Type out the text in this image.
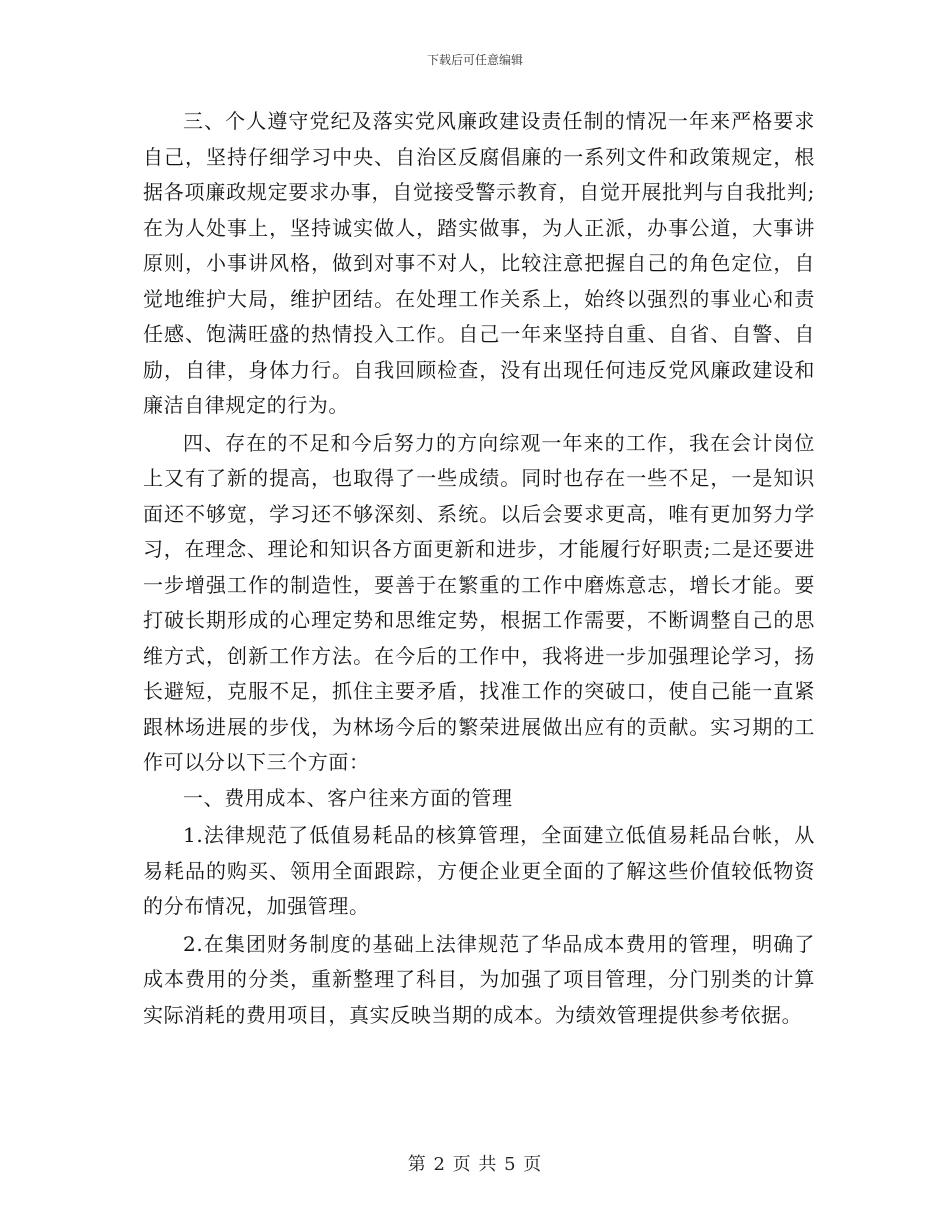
下载后可任意编辑

三、个人遵守党纪及落实党风廉政建设责任制的情况一年来严格要求自己，坚持仔细学习中央、自治区反腐倡廉的一系列文件和政策规定，根据各项廉政规定要求办事，自觉接受警示教育，自觉开展批判与自我批判;在为人处事上，坚持诚实做人，踏实做事，为人正派，办事公道，大事讲原则，小事讲风格，做到对事不对人，比较注意把握自己的角色定位，自觉地维护大局，维护团结。在处理工作关系上，始终以强烈的事业心和责任感、饱满旺盛的热情投入工作。自己一年来坚持自重、自省、自警、自励，自律，身体力行。自我回顾检查，没有出现任何违反党风廉政建设和廉洁自律规定的行为。

四、存在的不足和今后努力的方向综观一年来的工作，我在会计岗位上又有了新的提高，也取得了一些成绩。同时也存在一些不足，一是知识面还不够宽，学习还不够深刻、系统。以后会要求更高，唯有更加努力学习，在理念、理论和知识各方面更新和进步，才能履行好职责;二是还要进一步增强工作的制造性，要善于在繁重的工作中磨炼意志，增长才能。要打破长期形成的心理定势和思维定势，根据工作需要，不断调整自己的思维方式，创新工作方法。在今后的工作中，我将进一步加强理论学习，扬长避短，克服不足，抓住主要矛盾，找准工作的突破口，使自己能一直紧跟林场进展的步伐，为林场今后的繁荣进展做出应有的贡献。实习期的工作可以分以下三个方面：

一、费用成本、客户往来方面的管理

1.法律规范了低值易耗品的核算管理，全面建立低值易耗品台帐，从易耗品的购买、领用全面跟踪，方便企业更全面的了解这些价值较低物资的分布情况，加强管理。

2.在集团财务制度的基础上法律规范了华品成本费用的管理，明确了成本费用的分类，重新整理了科目，为加强了项目管理，分门别类的计算实际消耗的费用项目，真实反映当期的成本。为绩效管理提供参考依据。

第 2 页 共 5 页
